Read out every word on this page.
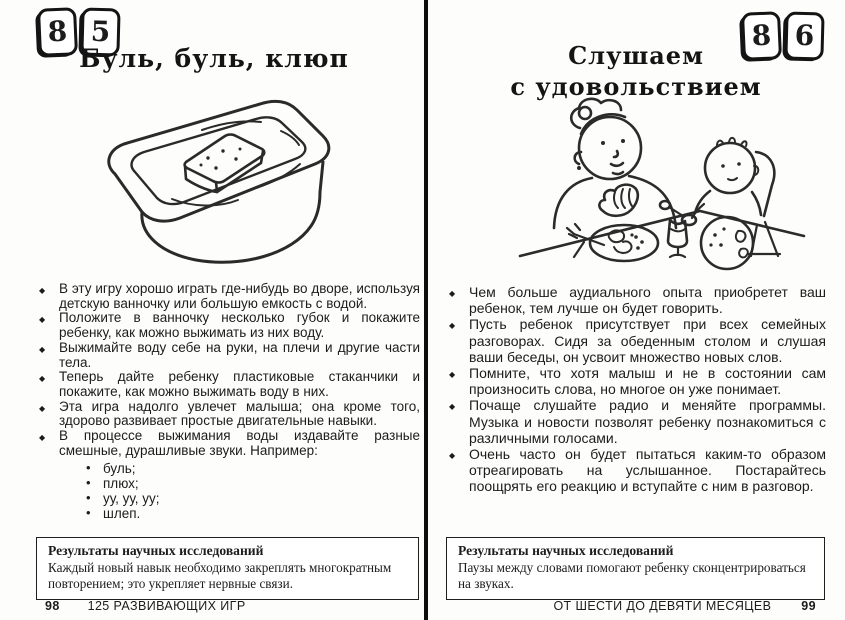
8 5
Буль, буль, клюп
◆ В эту игру хорошо играть где-нибудь во дворе, используя детскую ванночку или большую емкость с водой.
◆ Положите в ванночку несколько губок и покажите ребенку, как можно выжимать из них воду.
◆ Выжимайте воду себе на руки, на плечи и другие части тела.
◆ Теперь дайте ребенку пластиковые стаканчики и покажите, как можно выжимать воду в них.
◆ Эта игра надолго увлечет малыша; она кроме того, здорово развивает простые двигательные навыки.
◆ В процессе выжимания воды издавайте разные смешные, дурашливые звуки. Например:
• буль;
• плюх;
• уу, уу, уу;
• шлеп.
Результаты научных исследований

Каждый новый навык необходимо закреплять многократным повторением; это укрепляет нервные связи.

98 125 РАЗВИВАЮЩИХ ИГР
8 6
Слушаем
с удовольствием
◆ Чем больше аудиального опыта приобретет ваш ребенок, тем лучше он будет говорить.
◆ Пусть ребенок присутствует при всех семейных разговорах. Сидя за обеденным столом и слушая ваши беседы, он усвоит множество новых слов.
◆ Помните, что хотя малыш и не в состоянии сам произносить слова, но многое он уже понимает.
◆ Почаще слушайте радио и меняйте программы. Музыка и новости позволят ребенку познакомиться с различными голосами.
◆ Очень часто он будет пытаться каким-то образом отреагировать на услышанное. Постарайтесь поощрять его реакцию и вступайте с ним в разговор.
Результаты научных исследований

Паузы между словами помогают ребенку сконцентрироваться на звуках.

ОТ ШЕСТИ ДО ДЕВЯТИ МЕСЯЦЕВ 99
